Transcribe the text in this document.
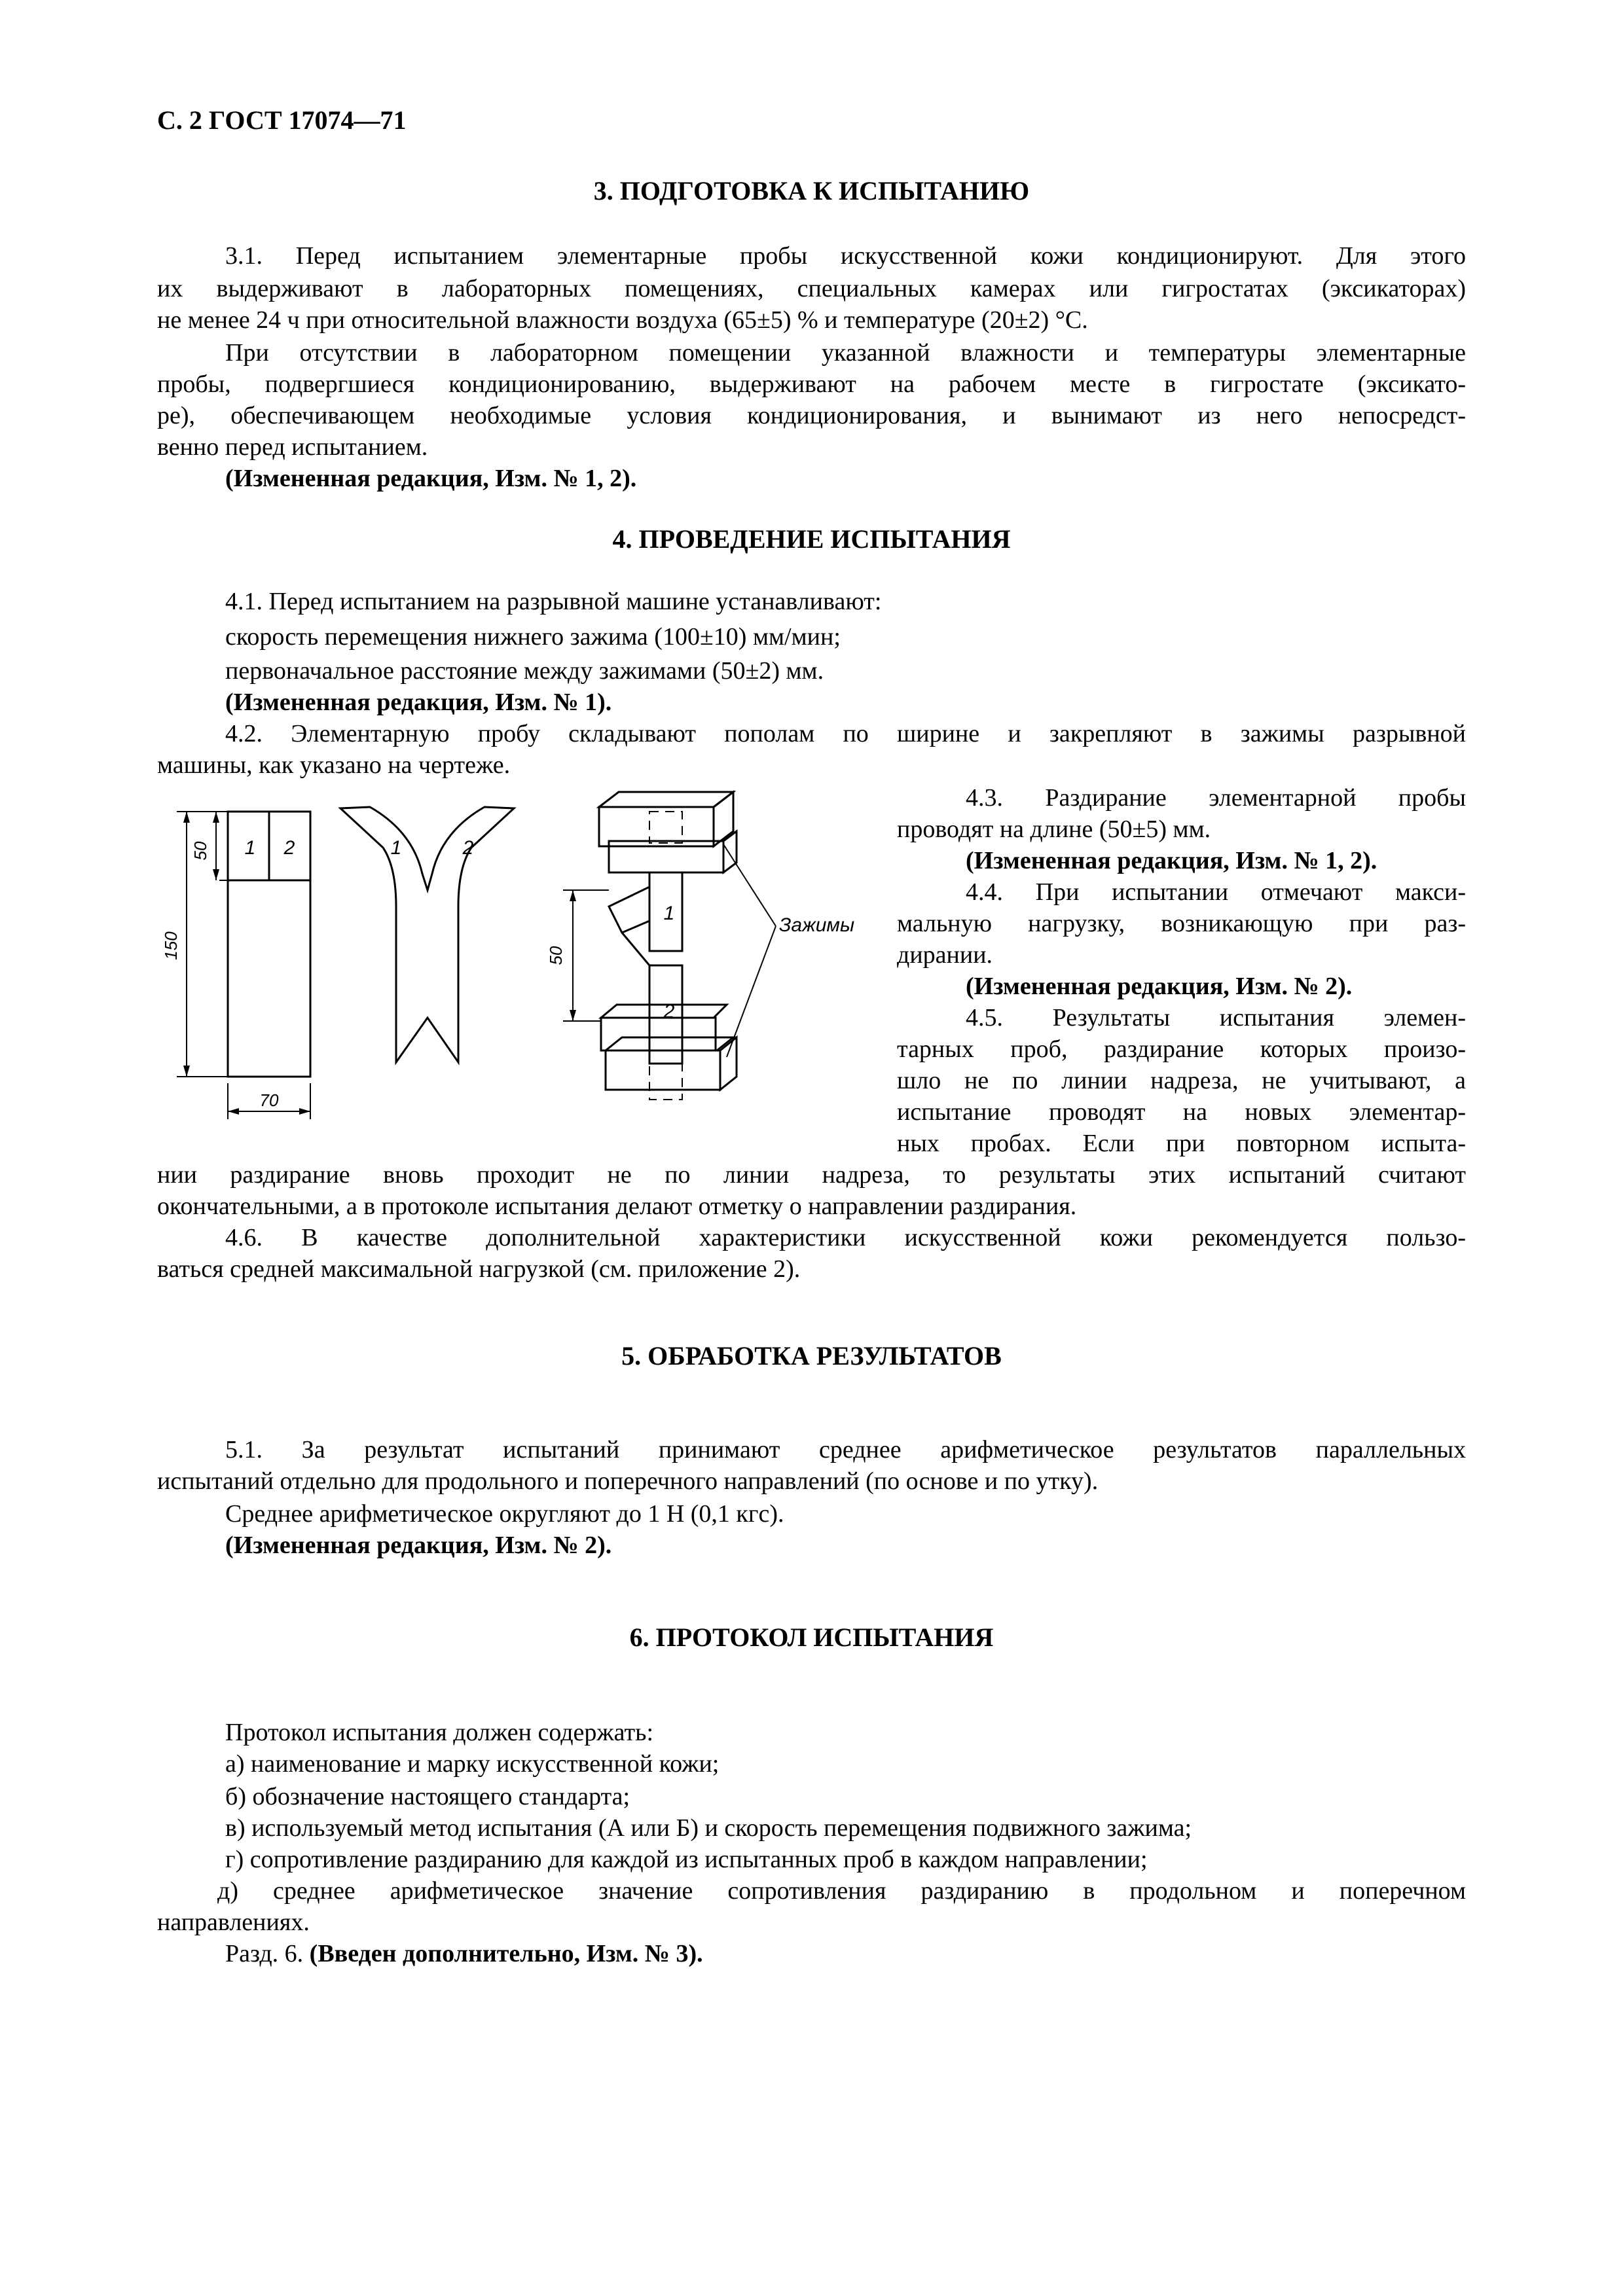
С. 2 ГОСТ 17074—71
3. ПОДГОТОВКА К ИСПЫТАНИЮ
3.1. Перед испытанием элементарные пробы искусственной кожи кондиционируют. Для этого
их выдерживают в лабораторных помещениях, специальных камерах или гигростатах (эксикаторах)
не менее 24 ч при относительной влажности воздуха (65±5) % и температуре (20±2) °С.
При отсутствии в лабораторном помещении указанной влажности и температуры элементарные
пробы, подвергшиеся кондиционированию, выдерживают на рабочем месте в гигростате (эксикато-
ре), обеспечивающем необходимые условия кондиционирования, и вынимают из него непосредст-
венно перед испытанием.
(Измененная редакция, Изм. № 1, 2).
4. ПРОВЕДЕНИЕ ИСПЫТАНИЯ
4.1. Перед испытанием на разрывной машине устанавливают:
скорость перемещения нижнего зажима (100±10) мм/мин;
первоначальное расстояние между зажимами (50±2) мм.
(Измененная редакция, Изм. № 1).
4.2. Элементарную пробу складывают пополам по ширине и закрепляют в зажимы разрывной
машины, как указано на чертеже.
4.3. Раздирание элементарной пробы
проводят на длине (50±5) мм.
(Измененная редакция, Изм. № 1, 2).
4.4. При испытании отмечают макси-
мальную нагрузку, возникающую при раз-
дирании.
(Измененная редакция, Изм. № 2).
4.5. Результаты испытания элемен-
тарных проб, раздирание которых произо-
шло не по линии надреза, не учитывают, а
испытание проводят на новых элементар-
ных пробах. Если при повторном испыта-
нии раздирание вновь проходит не по линии надреза, то результаты этих испытаний считают
окончательными, а в протоколе испытания делают отметку о направлении раздирания.
4.6. В качестве дополнительной характеристики искусственной кожи рекомендуется пользо-
ваться средней максимальной нагрузкой (см. приложение 2).
50
150
70
50
1 2	1	2
1
2
Зажимы
5. ОБРАБОТКА РЕЗУЛЬТАТОВ
5.1. За результат испытаний принимают среднее арифметическое результатов параллельных
испытаний отдельно для продольного и поперечного направлений (по основе и по утку).
Среднее арифметическое округляют до 1 Н (0,1 кгс).
(Измененная редакция, Изм. № 2).
6. ПРОТОКОЛ ИСПЫТАНИЯ
Протокол испытания должен содержать:
а) наименование и марку искусственной кожи;
б) обозначение настоящего стандарта;
в) используемый метод испытания (А или Б) и скорость перемещения подвижного зажима;
г) сопротивление раздиранию для каждой из испытанных проб в каждом направлении;
д) среднее арифметическое значение сопротивления раздиранию в продольном и поперечном
направлениях.
Разд. 6. (Введен дополнительно, Изм. № 3).
